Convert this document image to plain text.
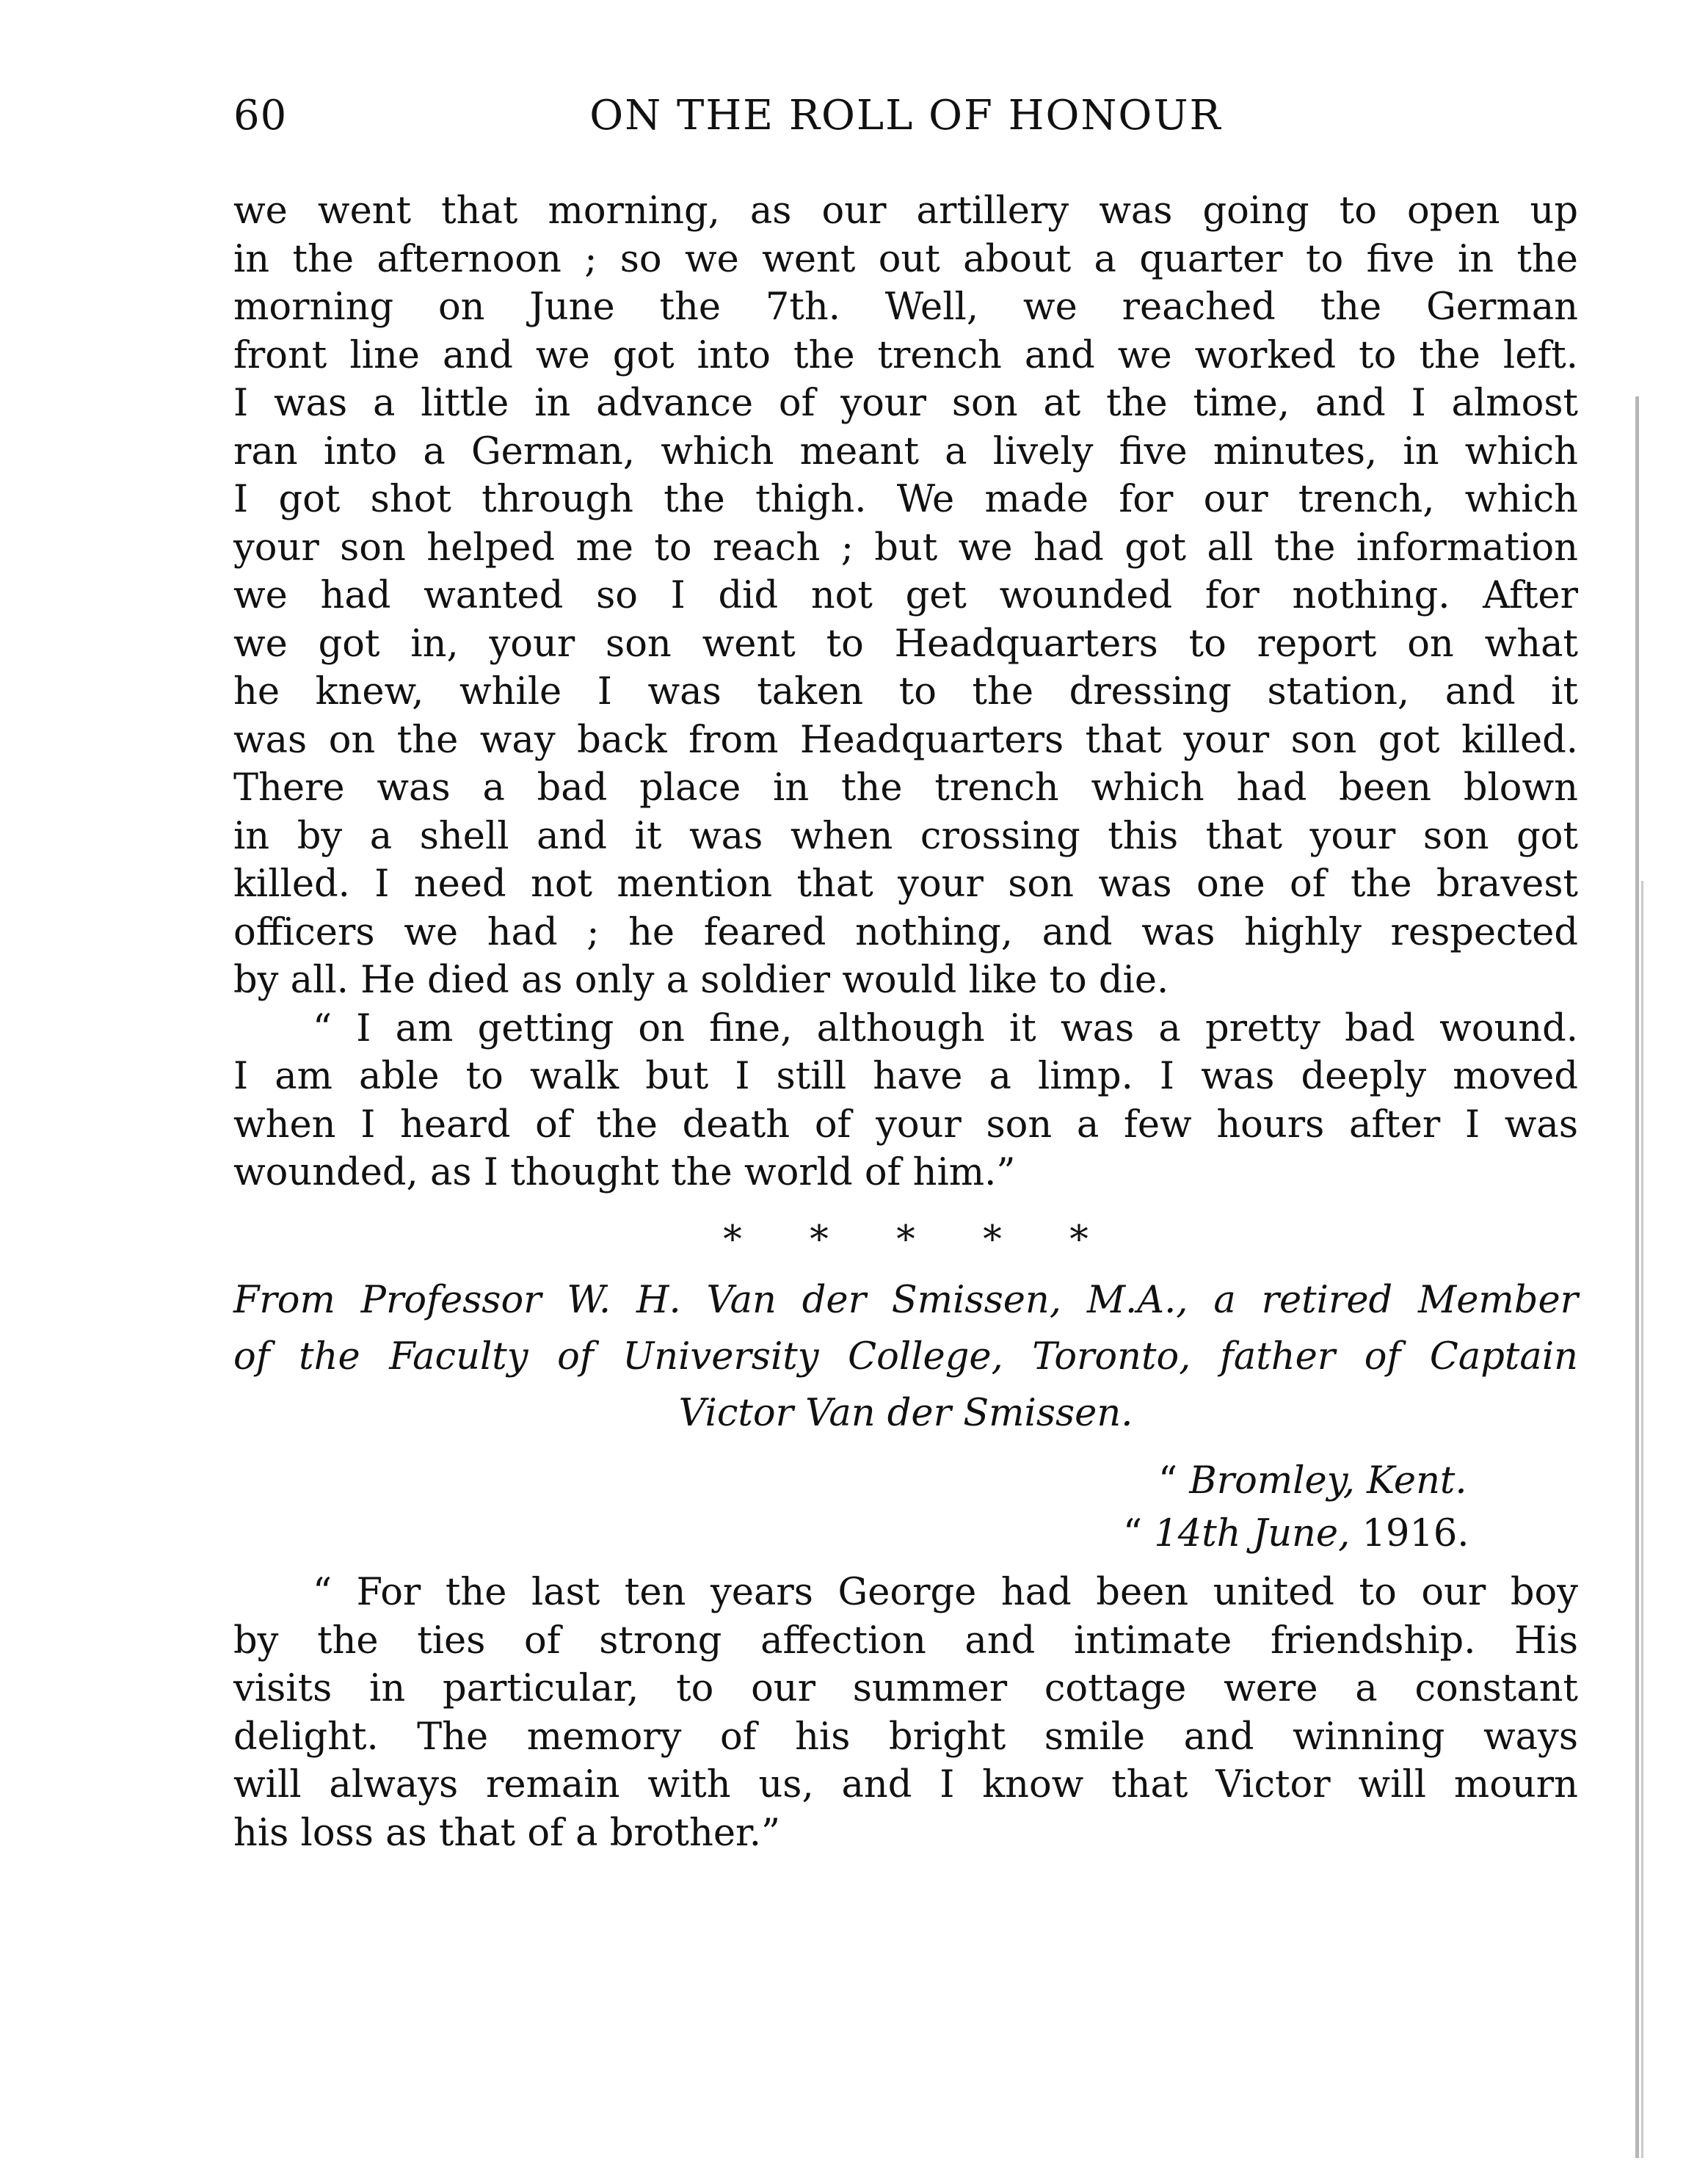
60	ON THE ROLL OF HONOUR
we went that morning, as our artillery was going to open up
in the afternoon ; so we went out about a quarter to five in the
morning on June the 7th. Well, we reached the German
front line and we got into the trench and we worked to the left.
I was a little in advance of your son at the time, and I almost
ran into a German, which meant a lively five minutes, in which
I got shot through the thigh. We made for our trench, which
your son helped me to reach ; but we had got all the information
we had wanted so I did not get wounded for nothing. After
we got in, your son went to Headquarters to report on what
he knew, while I was taken to the dressing station, and it
was on the way back from Headquarters that your son got killed.
There was a bad place in the trench which had been blown
in by a shell and it was when crossing this that your son got
killed. I need not mention that your son was one of the bravest
officers we had ; he feared nothing, and was highly respected
by all. He died as only a soldier would like to die.
“ I am getting on fine, although it was a pretty bad wound.
I am able to walk but I still have a limp. I was deeply moved
when I heard of the death of your son a few hours after I was
wounded, as I thought the world of him.”
* * * * *
From Professor W. H. Van der Smissen, M.A., a retired Member
of the Faculty of University College, Toronto, father of Captain
Victor Van der Smissen.
“ Bromley, Kent.
“ 14th June, 1916.
“ For the last ten years George had been united to our boy
by the ties of strong affection and intimate friendship. His
visits in particular, to our summer cottage were a constant
delight. The memory of his bright smile and winning ways
will always remain with us, and I know that Victor will mourn
his loss as that of a brother.”
